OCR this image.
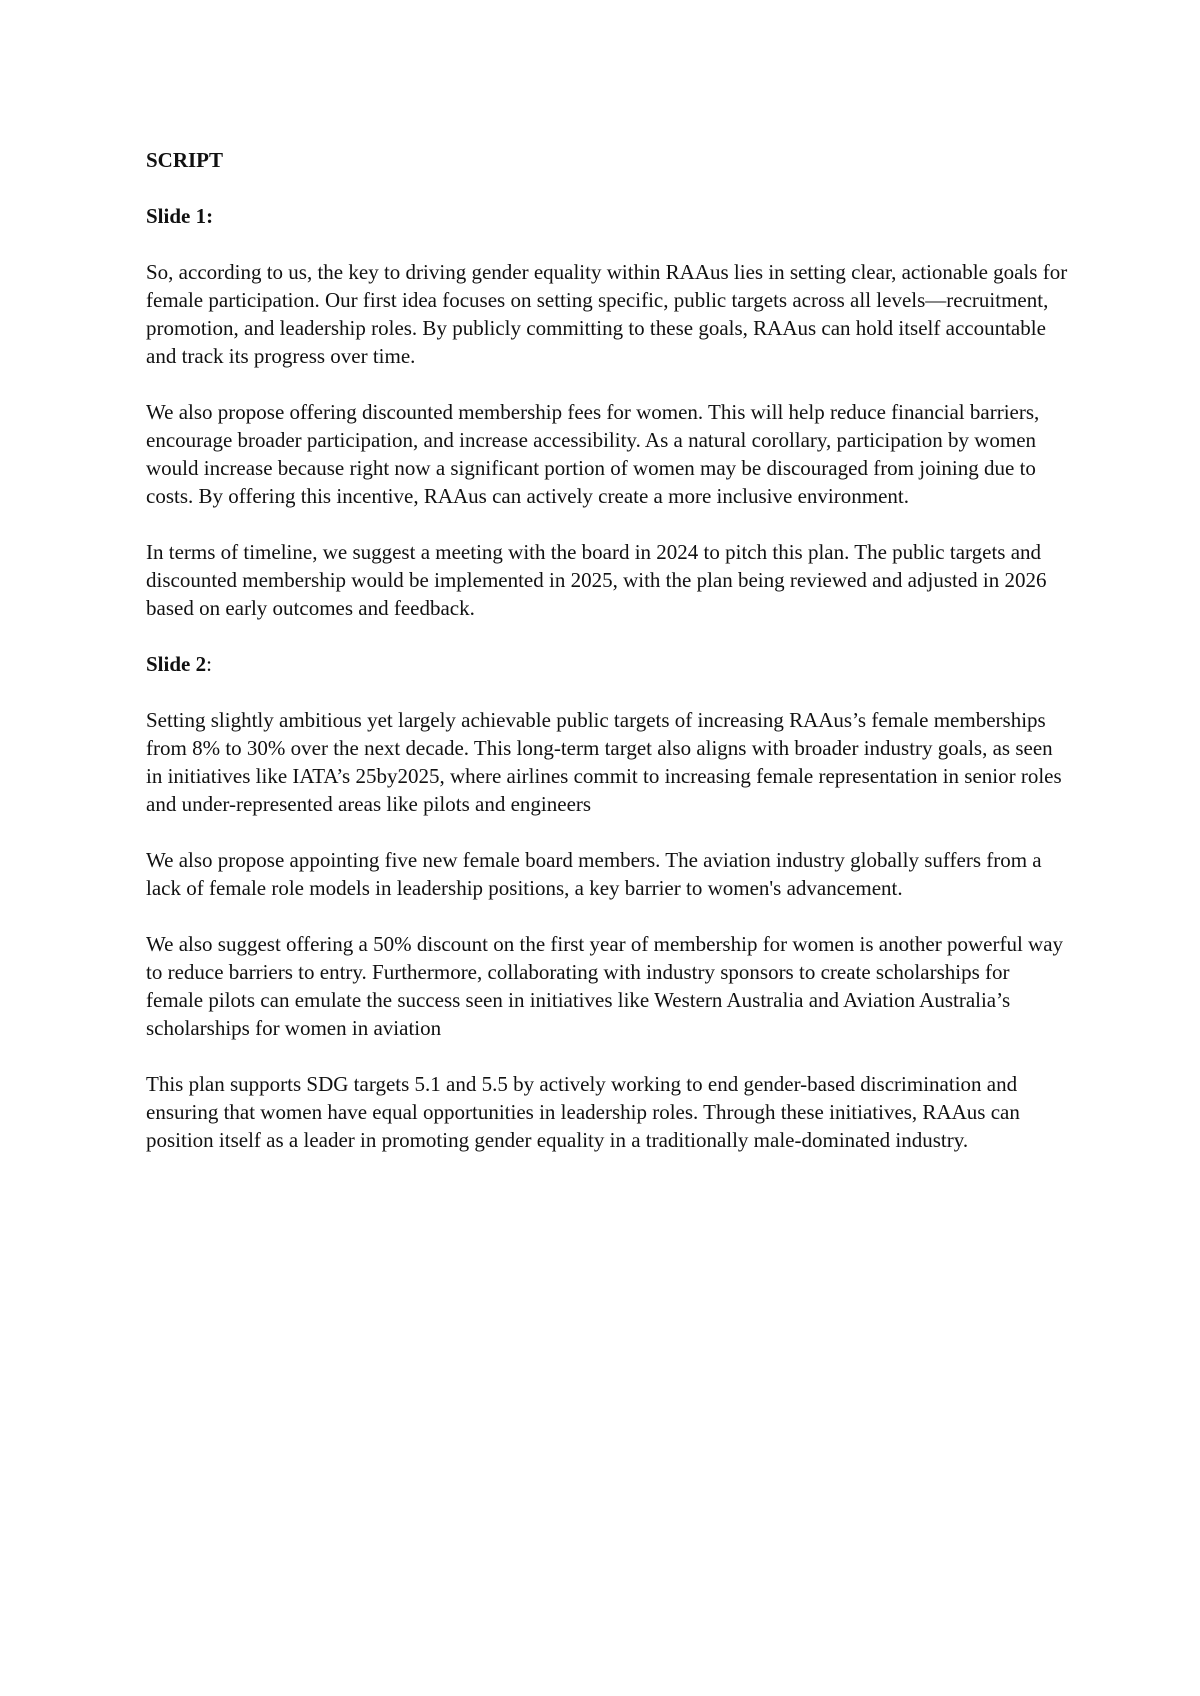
SCRIPT

Slide 1:

So, according to us, the key to driving gender equality within RAAus lies in setting clear, actionable goals for female participation. Our first idea focuses on setting specific, public targets across all levels—recruitment, promotion, and leadership roles. By publicly committing to these goals, RAAus can hold itself accountable and track its progress over time.

We also propose offering discounted membership fees for women. This will help reduce financial barriers, encourage broader participation, and increase accessibility. As a natural corollary, participation by women would increase because right now a significant portion of women may be discouraged from joining due to costs. By offering this incentive, RAAus can actively create a more inclusive environment.

In terms of timeline, we suggest a meeting with the board in 2024 to pitch this plan. The public targets and discounted membership would be implemented in 2025, with the plan being reviewed and adjusted in 2026 based on early outcomes and feedback.

Slide 2:

Setting slightly ambitious yet largely achievable public targets of increasing RAAus’s female memberships from 8% to 30% over the next decade. This long-term target also aligns with broader industry goals, as seen in initiatives like IATA’s 25by2025, where airlines commit to increasing female representation in senior roles and under-represented areas like pilots and engineers

We also propose appointing five new female board members. The aviation industry globally suffers from a lack of female role models in leadership positions, a key barrier to women's advancement.

We also suggest offering a 50% discount on the first year of membership for women is another powerful way to reduce barriers to entry. Furthermore, collaborating with industry sponsors to create scholarships for female pilots can emulate the success seen in initiatives like Western Australia and Aviation Australia’s scholarships for women in aviation

This plan supports SDG targets 5.1 and 5.5 by actively working to end gender-based discrimination and ensuring that women have equal opportunities in leadership roles. Through these initiatives, RAAus can position itself as a leader in promoting gender equality in a traditionally male-dominated industry.
